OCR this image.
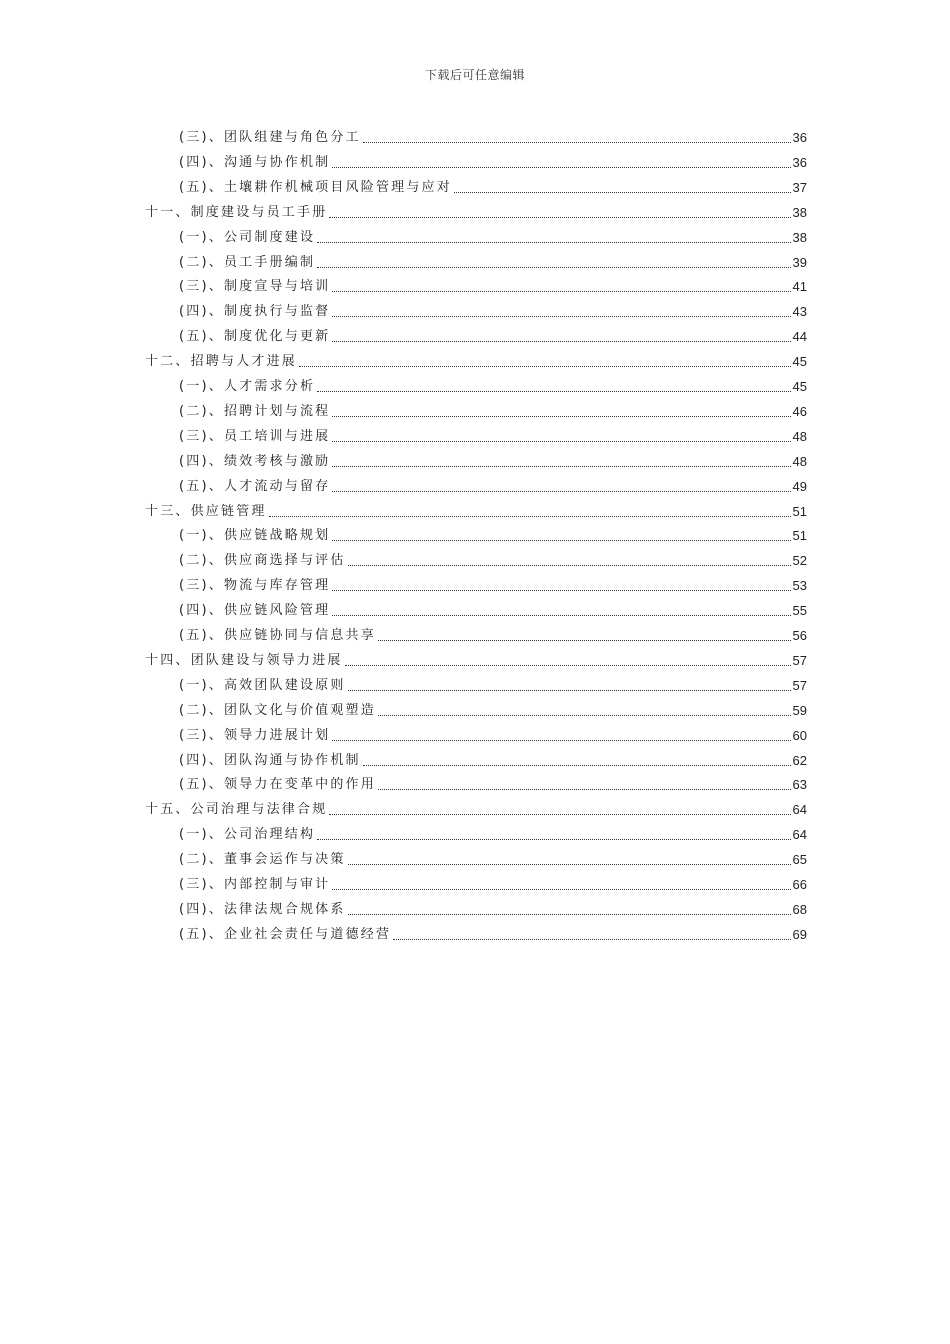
下载后可任意编辑
(三)、团队组建与角色分工	36
(四)、沟通与协作机制	36
(五)、土壤耕作机械项目风险管理与应对	37
十一、制度建设与员工手册	38
(一)、公司制度建设	38
(二)、员工手册编制	39
(三)、制度宣导与培训	41
(四)、制度执行与监督	43
(五)、制度优化与更新	44
十二、招聘与人才进展	45
(一)、人才需求分析	45
(二)、招聘计划与流程	46
(三)、员工培训与进展	48
(四)、绩效考核与激励	48
(五)、人才流动与留存	49
十三、供应链管理	51
(一)、供应链战略规划	51
(二)、供应商选择与评估	52
(三)、物流与库存管理	53
(四)、供应链风险管理	55
(五)、供应链协同与信息共享	56
十四、团队建设与领导力进展	57
(一)、高效团队建设原则	57
(二)、团队文化与价值观塑造	59
(三)、领导力进展计划	60
(四)、团队沟通与协作机制	62
(五)、领导力在变革中的作用	63
十五、公司治理与法律合规	64
(一)、公司治理结构	64
(二)、董事会运作与决策	65
(三)、内部控制与审计	66
(四)、法律法规合规体系	68
(五)、企业社会责任与道德经营	69
